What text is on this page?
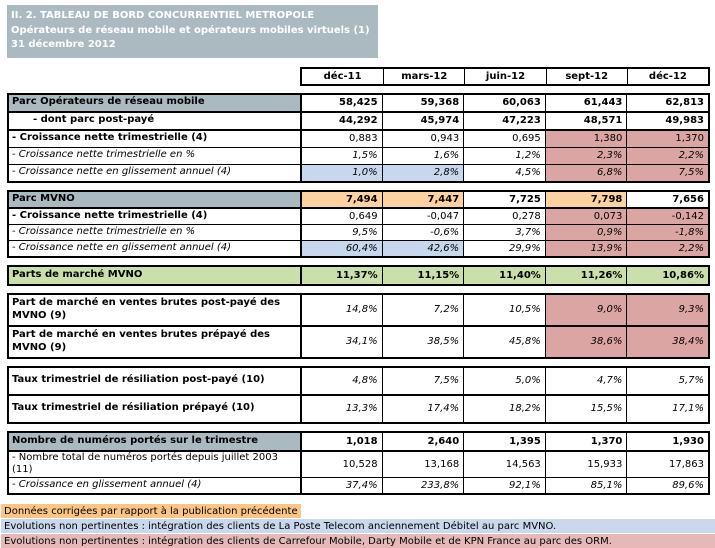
II. 2. TABLEAU DE BORD CONCURRENTIEL METROPOLE
Opérateurs de réseau mobile et opérateurs mobiles virtuels (1)
31 décembre 2012
déc-11	mars-12	juin-12	sept-12	déc-12
Parc Opérateurs de réseau mobile	58,425	59,368	60,063	61,443	62,813
- dont parc post-payé	44,292	45,974	47,223	48,571	49,983
- Croissance nette trimestrielle (4)	0,883	0,943	0,695	1,380	1,370
- Croissance nette trimestrielle en %	1,5%	1,6%	1,2%	2,3%	2,2%
- Croissance nette en glissement annuel (4)	1,0%	2,8%	4,5%	6,8%	7,5%
Parc MVNO	7,494	7,447	7,725	7,798	7,656
- Croissance nette trimestrielle (4)	0,649	-0,047	0,278	0,073	-0,142
- Croissance nette trimestrielle en %	9,5%	-0,6%	3,7%	0,9%	-1,8%
- Croissance nette en glissement annuel (4)	60,4%	42,6%	29,9%	13,9%	2,2%
Parts de marché MVNO	11,37%	11,15%	11,40%	11,26%	10,86%
Part de marché en ventes brutes post-payé des MVNO (9)	14,8%	7,2%	10,5%	9,0%	9,3%
Part de marché en ventes brutes prépayé des MVNO (9)	34,1%	38,5%	45,8%	38,6%	38,4%
Taux trimestriel de résiliation post-payé (10)	4,8%	7,5%	5,0%	4,7%	5,7%
Taux trimestriel de résiliation prépayé (10)	13,3%	17,4%	18,2%	15,5%	17,1%
Nombre de numéros portés sur le trimestre	1,018	2,640	1,395	1,370	1,930
- Nombre total de numéros portés depuis juillet 2003 (11)	10,528	13,168	14,563	15,933	17,863
- Croissance en glissement annuel (4)	37,4%	233,8%	92,1%	85,1%	89,6%
Données corrigées par rapport à la publication précédente
Evolutions non pertinentes : intégration des clients de La Poste Telecom anciennement Débitel au parc MVNO.
Evolutions non pertinentes : intégration des clients de Carrefour Mobile, Darty Mobile et de KPN France au parc des ORM.
